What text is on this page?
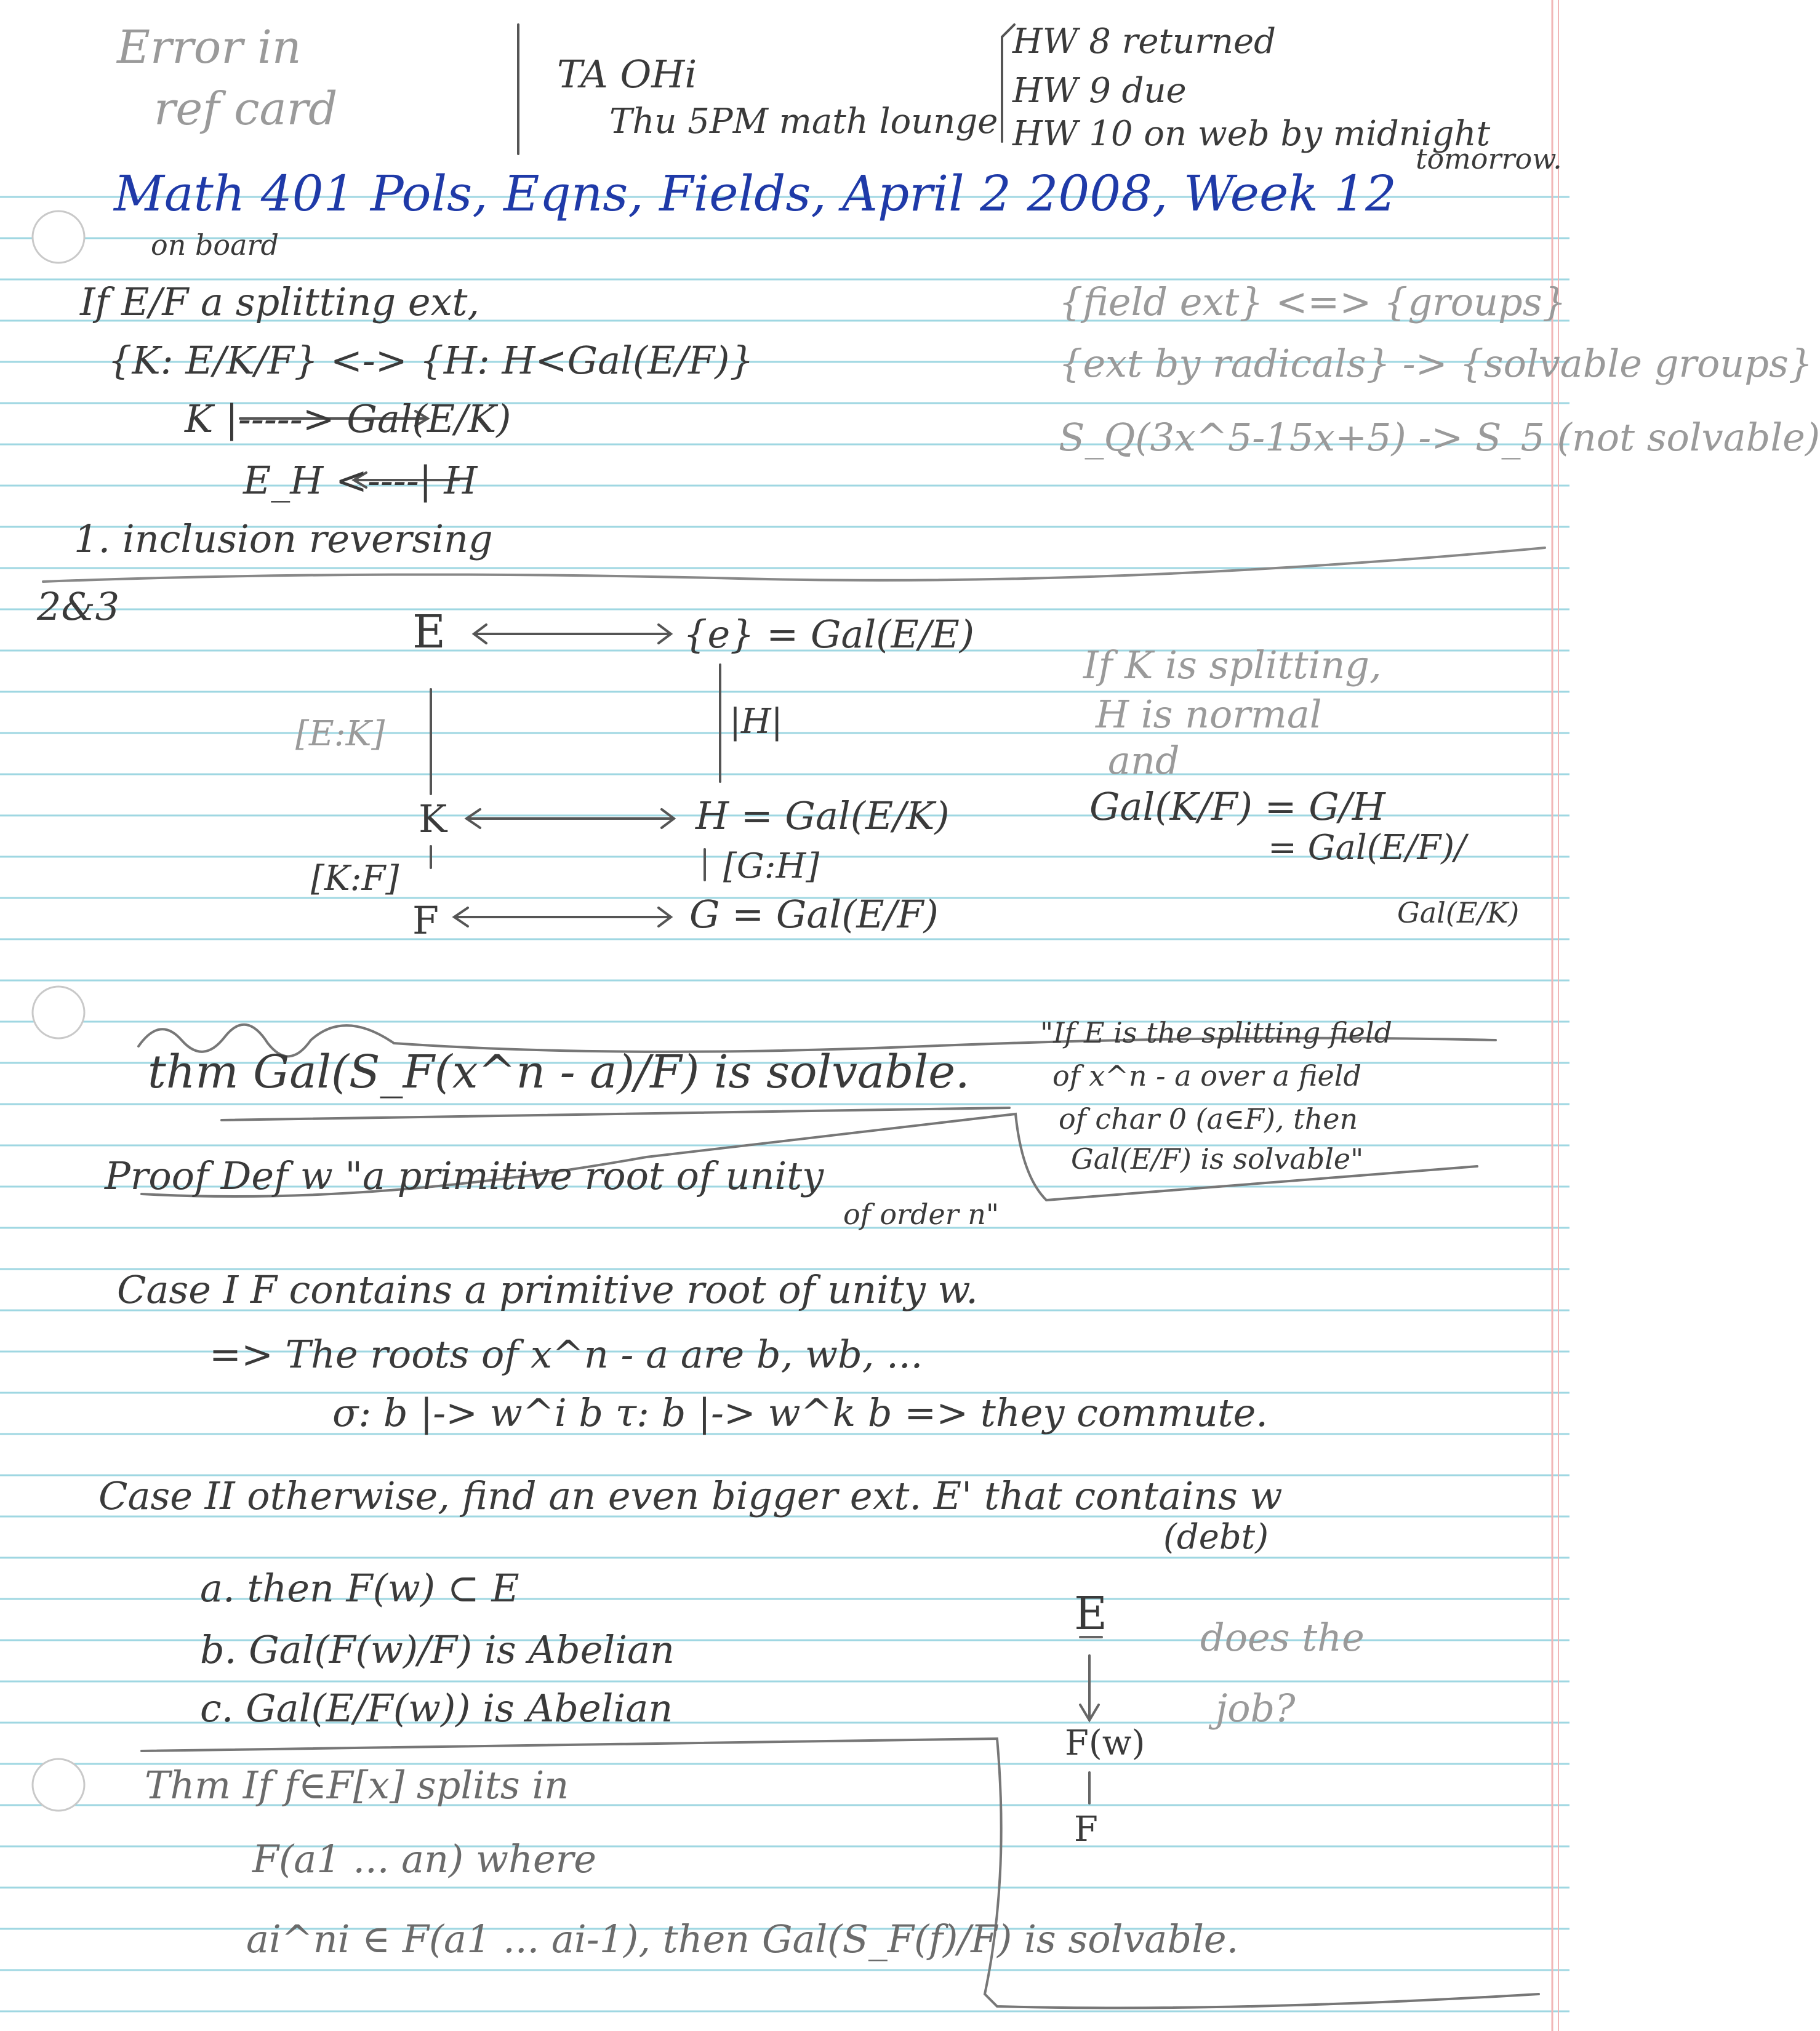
Error in
ref card
TA OHi
Thu 5PM math lounge
HW 8 returned
HW 9 due
HW 10 on web by midnight
tomorrow.
Math 401 Pols, Eqns, Fields, April 2 2008, Week 12
on board
If E/F a splitting ext,
{K: E/K/F} <-> {H: H<Gal(E/F)}
K |-----> Gal(E/K)
E_H <----| H
1. inclusion reversing
{field ext} <=> {groups}
{ext by radicals} -> {solvable groups}
S_Q(3x^5-15x+5) -> S_5 (not solvable)
2&3	E	{e} = Gal(E/E)
[E:K]	|H|
K	H = Gal(E/K)
[K:F]	[G:H]
F	G = Gal(E/F)
If K is splitting,
H is normal
and
Gal(K/F) = G/H
= Gal(E/F)/
Gal(E/K)
thm Gal(S_F(x^n - a)/F) is solvable.
"If E is the splitting field
of x^n - a over a field
of char 0 (a∈F), then
Gal(E/F) is solvable"
Proof Def w "a primitive root of unity
of order n"
Case I F contains a primitive root of unity w.
=> The roots of x^n - a are b, wb, ...
σ: b |-> w^i b τ: b |-> w^k b => they commute.
Case II otherwise, find an even bigger ext. E' that contains w
(debt)
a. then F(w) ⊂ E
b. Gal(F(w)/F) is Abelian
c. Gal(E/F(w)) is Abelian
E
F(w)
F
does the
job?
Thm If f∈F[x] splits in
F(a1 ... an) where
ai^ni ∈ F(a1 ... ai-1), then Gal(S_F(f)/F) is solvable.
